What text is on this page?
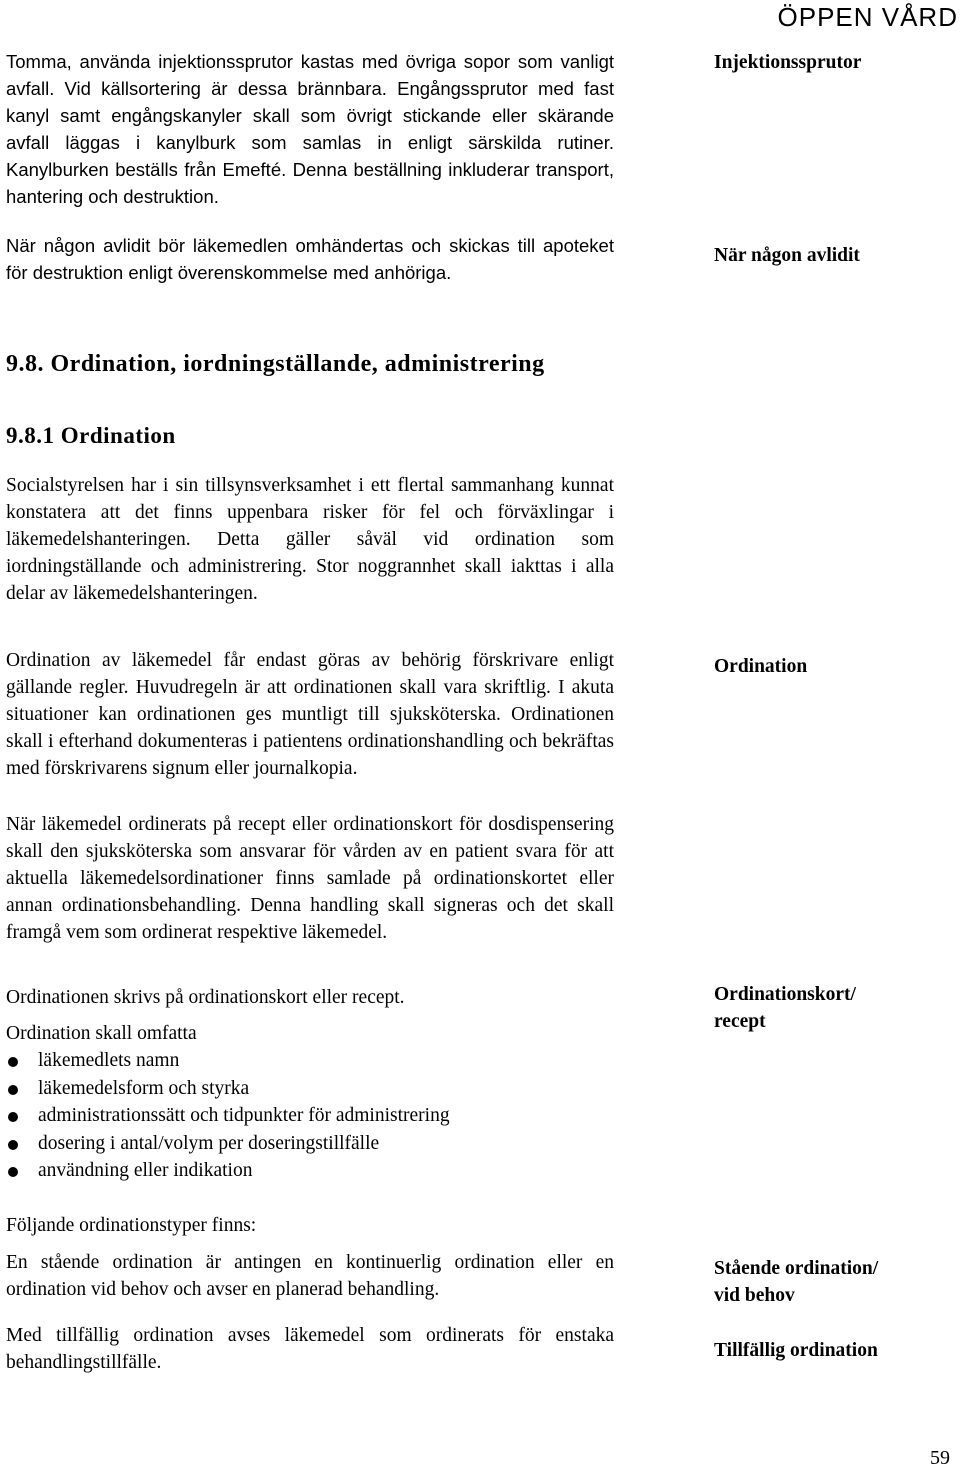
ÖPPEN VÅRD

Tomma, använda injektionssprutor kastas med övriga sopor som vanligt avfall. Vid källsortering är dessa brännbara. Engångssprutor med fast kanyl samt engångskanyler skall som övrigt stickande eller skärande avfall läggas i kanylburk som samlas in enligt särskilda rutiner. Kanylburken beställs från Emefté. Denna beställning inkluderar transport, hantering och destruktion.

När någon avlidit bör läkemedlen omhändertas och skickas till apoteket för destruktion enligt överenskommelse med anhöriga.

Injektionssprutor
När någon avlidit
9.8. Ordination, iordningställande, administrering
9.8.1 Ordination

Socialstyrelsen har i sin tillsynsverksamhet i ett flertal sammanhang kunnat konstatera att det finns uppenbara risker för fel och förväxlingar i läkemedelshanteringen. Detta gäller såväl vid ordination som iordningställande och administrering. Stor noggrannhet skall iakttas i alla delar av läkemedelshanteringen.

Ordination av läkemedel får endast göras av behörig förskrivare enligt gällande regler. Huvudregeln är att ordinationen skall vara skriftlig. I akuta situationer kan ordinationen ges muntligt till sjuksköterska. Ordinationen skall i efterhand dokumenteras i patientens ordinationshandling och bekräftas med förskrivarens signum eller journalkopia.

Ordination

När läkemedel ordinerats på recept eller ordinationskort för dosdispensering skall den sjuksköterska som ansvarar för vården av en patient svara för att aktuella läkemedelsordinationer finns samlade på ordinationskortet eller annan ordinationsbehandling. Denna handling skall signeras och det skall framgå vem som ordinerat respektive läkemedel.

Ordinationen skrivs på ordinationskort eller recept.	Ordinationskort/
recept

Ordination skall omfatta

läkemedlets namn
läkemedelsform och styrka
administrationssätt och tidpunkter för administrering
dosering i antal/volym per doseringstillfälle
användning eller indikation

Följande ordinationstyper finns:

En stående ordination är antingen en kontinuerlig ordination eller en ordination vid behov och avser en planerad behandling.

Stående ordination/
vid behov

Med tillfällig ordination avses läkemedel som ordinerats för enstaka behandlingstillfälle.

Tillfällig ordination
59
